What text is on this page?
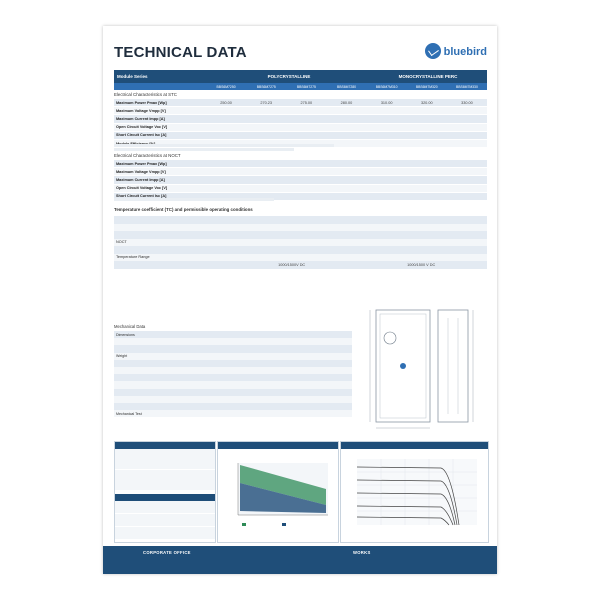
TECHNICAL DATA	bluebird
Module Series	POLYCRYSTALLINE	MONOCRYSTALLINE PERC
BBS6M7250	BBS6M7275	BBS6M7275	BBS6M7280	BBS6M7M310	BBS6M7M320	BBS6M7M330
Electrical Characteristics at STC
Maximum Power Pmax [Wp]	250.00	270.23	275.00	280.00	310.00	320.00	330.00
Maximum Voltage Vmpp [V]							
Maximum Current Impp [A]							
Open Circuit Voltage Voc [V]							
Short Circuit Current Isc [A]							

Electrical Characteristics at NOCT
Maximum Power Pmax [Wp]							
Maximum Voltage Vmpp [V]							
Maximum Current Impp [A]							
Open Circuit Voltage Voc [V]							
Short Circuit Current Isc [A]							
Temperature coefficient (TC) and permissible operating conditions

NOCT		

Temperature Range		
	1000/1500V DC	1000/1500 V DC
Mechanical Data
Dimensions	

Weight	

Mechanical Test	

CORPORATE OFFICE	WORKS
